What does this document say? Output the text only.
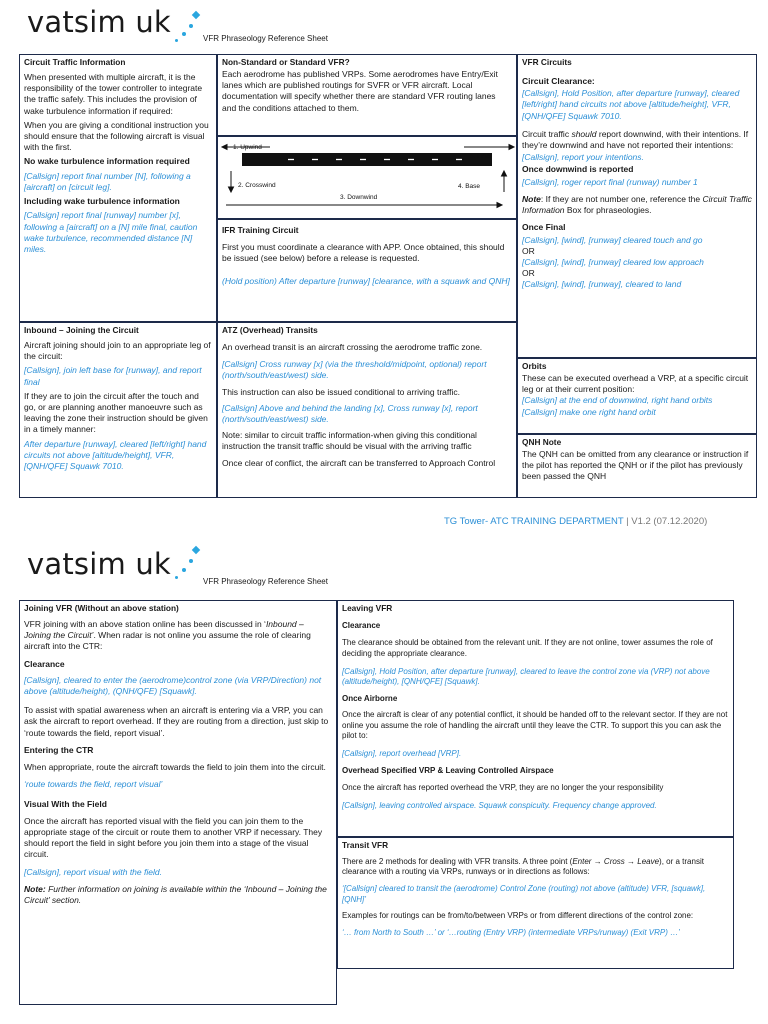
vatsim uk	VFR Phraseology Reference Sheet
Circuit Traffic Information

When presented with multiple aircraft, it is the responsibility of the tower controller to integrate the traffic safely. This includes the provision of wake turbulence information if required:

When you are giving a conditional instruction you should ensure that the following aircraft is visual with the first.

No wake turbulence information required

[Callsign] report final number [N], following a [aircraft] on [circuit leg].

Including wake turbulence information

[Callsign] report final [runway] number [x], following a [aircraft] on a [N] mile final, caution wake turbulence, recommended distance [N] miles.

Inbound – Joining the Circuit

Aircraft joining should join to an appropriate leg of the circuit:

[Callsign], join left base for [runway], and report final

If they are to join the circuit after the touch and go, or are planning another manoeuvre such as leaving the zone their instruction should be given in a timely manner:

After departure [runway], cleared [left/right] hand circuits not above [altitude/height], VFR, [QNH/QFE] Squawk 7010.

Non-Standard or Standard VFR?

Each aerodrome has published VRPs. Some aerodromes have Entry/Exit lanes which are published routings for SVFR or VFR aircraft. Local documentation will specify whether there are standard VFR routing lanes and the conditions attached to them.

1. Upwind
2. Crosswind
3. Downwind
4. Base
5. Final
IFR Training Circuit

First you must coordinate a clearance with APP. Once obtained, this should be issued (see below) before a release is requested.

(Hold position) After departure [runway] [clearance, with a squawk and QNH]

ATZ (Overhead) Transits

An overhead transit is an aircraft crossing the aerodrome traffic zone.

[Callsign] Cross runway [x] (via the threshold/midpoint, optional) report (north/south/east/west) side.

This instruction can also be issued conditional to arriving traffic.

[Callsign] Above and behind the landing [x], Cross runway [x], report (north/south/east/west) side.

Note: similar to circuit traffic information-when giving this conditional instruction the transit traffic should be visual with the arriving traffic

Once clear of conflict, the aircraft can be transferred to Approach Control

VFR Circuits

Circuit Clearance:

[Callsign], Hold Position, after departure [runway], cleared [left/right] hand circuits not above [altitude/height], VFR, [QNH/QFE] Squawk 7010.

Circuit traffic should report downwind, with their intentions. If they’re downwind and have not reported their intentions:

[Callsign], report your intentions.

Once downwind is reported

[Callsign], roger report final (runway) number 1

Note: If they are not number one, reference the Circuit Traffic Information Box for phraseologies.

Once Final

[Callsign], [wind], [runway] cleared touch and go

OR

[Callsign], [wind], [runway] cleared low approach

OR

[Callsign], [wind], [runway], cleared to land

Orbits

These can be executed overhead a VRP, at a specific circuit leg or at their current position:

[Callsign] at the end of downwind, right hand orbits

[Callsign] make one right hand orbit

QNH Note

The QNH can be omitted from any clearance or instruction if the pilot has reported the QNH or if the pilot has previously been passed the QNH

TG Tower- ATC TRAINING DEPARTMENT | V1.2 (07.12.2020)
vatsim uk
VFR Phraseology Reference Sheet
Joining VFR (Without an above station)

VFR joining with an above station online has been discussed in ‘Inbound – Joining the Circuit’. When radar is not online you assume the role of clearing aircraft into the CTR:

Clearance

[Callsign], cleared to enter the (aerodrome)control zone (via VRP/Direction) not above (altitude/height), (QNH/QFE) [Squawk].

To assist with spatial awareness when an aircraft is entering via a VRP, you can ask the aircraft to report overhead. If they are routing from a direction, just skip to ‘route towards the field, report visual’.

Entering the CTR

When appropriate, route the aircraft towards the field to join them into the circuit.

‘route towards the field, report visual’

Visual With the Field

Once the aircraft has reported visual with the field you can join them to the appropriate stage of the circuit or route them to another VRP if necessary. They should report the field in sight before you join them into a stage of the visual circuit.

[Callsign], report visual with the field.

Note: Further information on joining is available within the ‘Inbound – Joining the Circuit’ section.

Leaving VFR

Clearance

The clearance should be obtained from the relevant unit. If they are not online, tower assumes the role of deciding the appropriate clearance.

[Callsign], Hold Position, after departure [runway], cleared to leave the control zone via (VRP) not above (altitude/height), [QNH/QFE] [Squawk].

Once Airborne

Once the aircraft is clear of any potential conflict, it should be handed off to the relevant sector. If they are not online you assume the role of handling the aircraft until they leave the CTR. To support this you can ask the pilot to:

[Callsign], report overhead [VRP].

Overhead Specified VRP & Leaving Controlled Airspace

Once the aircraft has reported overhead the VRP, they are no longer the your responsibility

[Callsign], leaving controlled airspace. Squawk conspicuity. Frequency change approved.

Transit VFR

There are 2 methods for dealing with VFR transits. A three point (Enter → Cross → Leave), or a transit clearance with a routing via VRPs, runways or in directions as follows:

‘[Callsign] cleared to transit the (aerodrome) Control Zone (routing) not above (altitude) VFR, [squawk], [QNH]’

Examples for routings can be from/to/between VRPs or from different directions of the control zone:

‘… from North to South …’ or ‘…routing (Entry VRP) (intermediate VRPs/runway) (Exit VRP) …’
